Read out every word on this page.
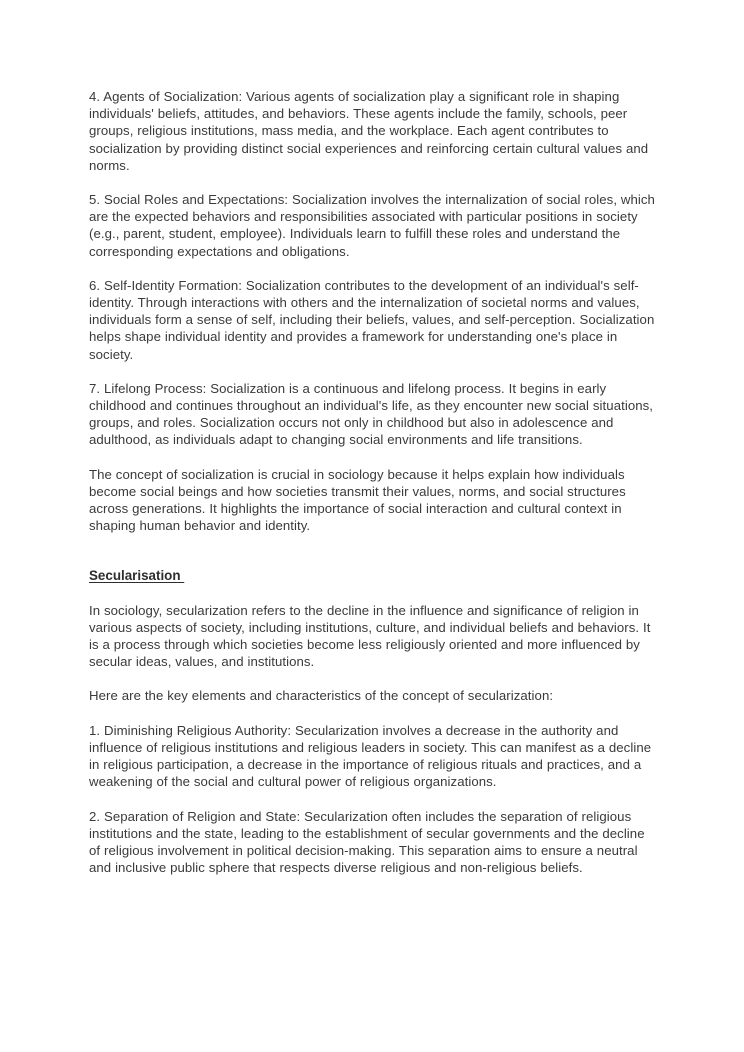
4. Agents of Socialization: Various agents of socialization play a significant role in shaping individuals' beliefs, attitudes, and behaviors. These agents include the family, schools, peer groups, religious institutions, mass media, and the workplace. Each agent contributes to socialization by providing distinct social experiences and reinforcing certain cultural values and norms.

5. Social Roles and Expectations: Socialization involves the internalization of social roles, which are the expected behaviors and responsibilities associated with particular positions in society (e.g., parent, student, employee). Individuals learn to fulfill these roles and understand the corresponding expectations and obligations.

6. Self-Identity Formation: Socialization contributes to the development of an individual's self-identity. Through interactions with others and the internalization of societal norms and values, individuals form a sense of self, including their beliefs, values, and self-perception. Socialization helps shape individual identity and provides a framework for understanding one's place in society.

7. Lifelong Process: Socialization is a continuous and lifelong process. It begins in early childhood and continues throughout an individual's life, as they encounter new social situations, groups, and roles. Socialization occurs not only in childhood but also in adolescence and adulthood, as individuals adapt to changing social environments and life transitions.

The concept of socialization is crucial in sociology because it helps explain how individuals become social beings and how societies transmit their values, norms, and social structures across generations. It highlights the importance of social interaction and cultural context in shaping human behavior and identity.

Secularisation

In sociology, secularization refers to the decline in the influence and significance of religion in various aspects of society, including institutions, culture, and individual beliefs and behaviors. It is a process through which societies become less religiously oriented and more influenced by secular ideas, values, and institutions.

Here are the key elements and characteristics of the concept of secularization:

1. Diminishing Religious Authority: Secularization involves a decrease in the authority and influence of religious institutions and religious leaders in society. This can manifest as a decline in religious participation, a decrease in the importance of religious rituals and practices, and a weakening of the social and cultural power of religious organizations.

2. Separation of Religion and State: Secularization often includes the separation of religious institutions and the state, leading to the establishment of secular governments and the decline of religious involvement in political decision-making. This separation aims to ensure a neutral and inclusive public sphere that respects diverse religious and non-religious beliefs.
